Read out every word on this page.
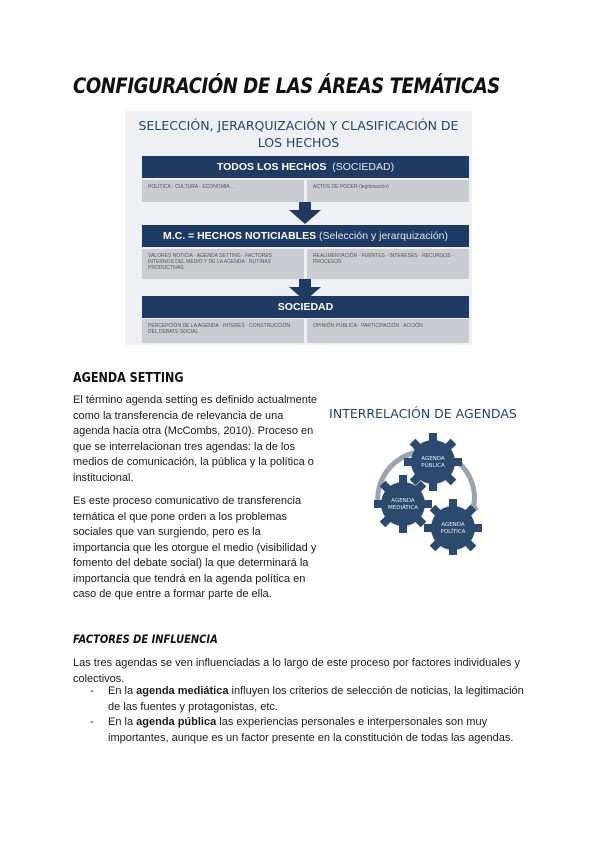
CONFIGURACIÓN DE LAS ÁREAS TEMÁTICAS
SELECCIÓN, JERARQUIZACIÓN Y CLASIFICACIÓN DE
LOS HECHOS
TODOS LOS HECHOS (SOCIEDAD)
POLÍTICA · CULTURA · ECONOMÍA ...	ACTOS DE PODER (legitimación)
M.C. = HECHOS NOTICIABLES (Selección y jerarquización)
VALORES NOTICIA · AGENDA SETTING · FACTORES INTERNOS DEL MEDIO Y DE LA AGENDA · RUTINAS PRODUCTIVAS
REALIMENTACIÓN · FUENTES · INTERESES · RECURSOS · PROCESOS
SOCIEDAD
PERCEPCIÓN DE LA AGENDA · INTERÉS · CONSTRUCCIÓN DEL DEBATE SOCIAL
OPINIÓN PÚBLICA · PARTICIPACIÓN · ACCIÓN
AGENDA SETTING

El término agenda setting es definido actualmente como la transferencia de relevancia de una agenda hacia otra (McCombs, 2010). Proceso en que se interrelacionan tres agendas: la de los medios de comunicación, la pública y la política o institucional.

Es este proceso comunicativo de transferencia temática el que pone orden a los problemas sociales que van surgiendo, pero es la importancia que les otorgue el medio (visibilidad y fomento del debate social) la que determinará la importancia que tendrá en la agenda política en caso de que entre a formar parte de ella.

INTERRELACIÓN DE AGENDAS
AGENDA
PÚBLICA
AGENDA
MEDIÁTICA
AGENDA
POLÍTICA
FACTORES DE INFLUENCIA

Las tres agendas se ven influenciadas a lo largo de este proceso por factores individuales y colectivos.

- En la agenda mediática influyen los criterios de selección de noticias, la legitimación de las fuentes y protagonistas, etc.
- En la agenda pública las experiencias personales e interpersonales son muy importantes, aunque es un factor presente en la constitución de todas las agendas.
